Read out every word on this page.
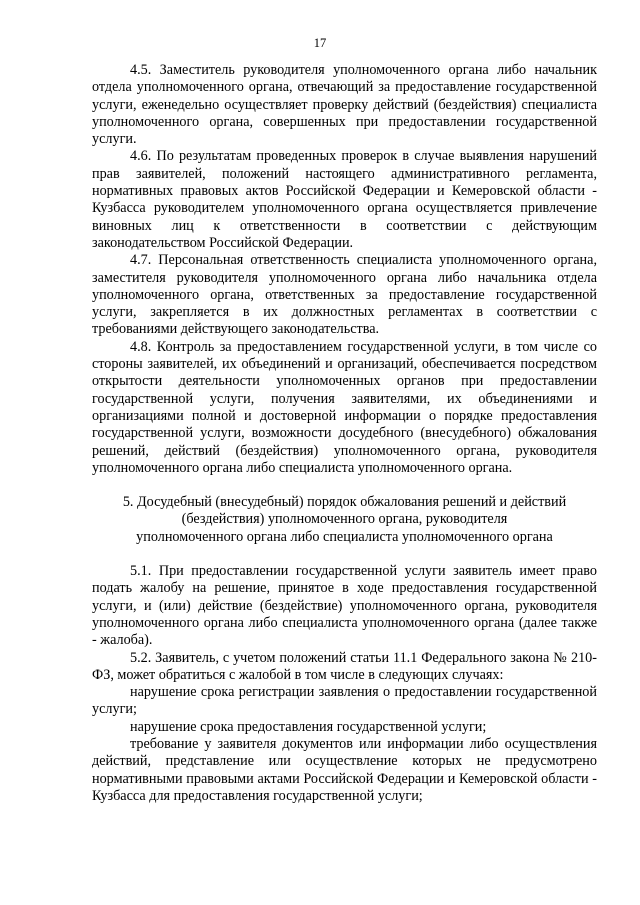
17

4.5. Заместитель руководителя уполномоченного органа либо начальник отдела уполномоченного органа, отвечающий за предоставление государственной услуги, еженедельно осуществляет проверку действий (бездействия) специалиста уполномоченного органа, совершенных при предоставлении государственной услуги.

4.6. По результатам проведенных проверок в случае выявления нарушений прав заявителей, положений настоящего административного регламента, нормативных правовых актов Российской Федерации и Кемеровской области - Кузбасса руководителем уполномоченного органа осуществляется привлечение виновных лиц к ответственности в соответствии с действующим законодательством Российской Федерации.

4.7. Персональная ответственность специалиста уполномоченного органа, заместителя руководителя уполномоченного органа либо начальника отдела уполномоченного органа, ответственных за предоставление государственной услуги, закрепляется в их должностных регламентах в соответствии с требованиями действующего законодательства.

4.8. Контроль за предоставлением государственной услуги, в том числе со стороны заявителей, их объединений и организаций, обеспечивается посредством открытости деятельности уполномоченных органов при предоставлении государственной услуги, получения заявителями, их объединениями и организациями полной и достоверной информации о порядке предоставления государственной услуги, возможности досудебного (внесудебного) обжалования решений, действий (бездействия) уполномоченного органа, руководителя уполномоченного органа либо специалиста уполномоченного органа.

5. Досудебный (внесудебный) порядок обжалования решений и действий
(бездействия) уполномоченного органа, руководителя
уполномоченного органа либо специалиста уполномоченного органа

5.1. При предоставлении государственной услуги заявитель имеет право подать жалобу на решение, принятое в ходе предоставления государственной услуги, и (или) действие (бездействие) уполномоченного органа, руководителя уполномоченного органа либо специалиста уполномоченного органа (далее также - жалоба).

5.2. Заявитель, с учетом положений статьи 11.1 Федерального закона № 210-ФЗ, может обратиться с жалобой в том числе в следующих случаях:

нарушение срока регистрации заявления о предоставлении государственной услуги;

нарушение срока предоставления государственной услуги;

требование у заявителя документов или информации либо осуществления действий, представление или осуществление которых не предусмотрено нормативными правовыми актами Российской Федерации и Кемеровской области - Кузбасса для предоставления государственной услуги;
